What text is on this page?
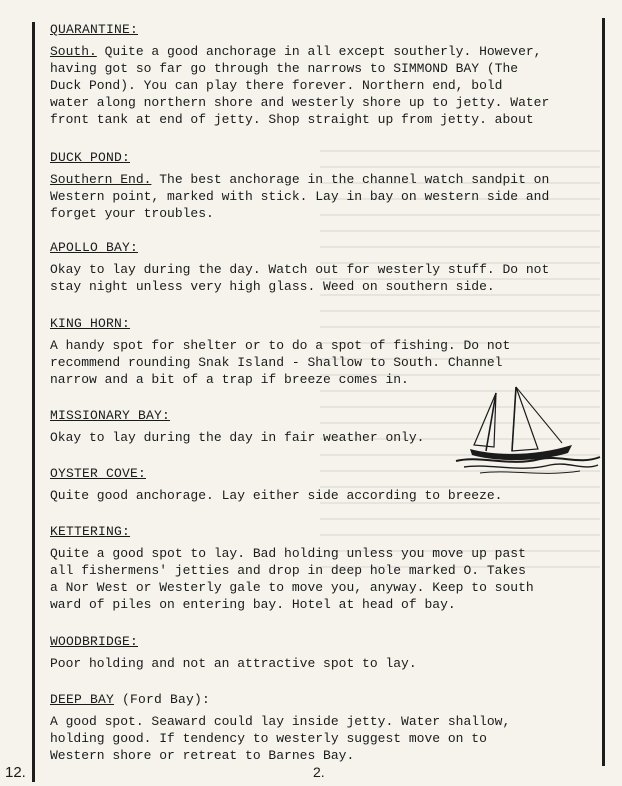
QUARANTINE:
South. Quite a good anchorage in all except southerly. However,
having got so far go through the narrows to SIMMOND BAY (The
Duck Pond). You can play there forever. Northern end, bold
water along northern shore and westerly shore up to jetty. Water
front tank at end of jetty. Shop straight up from jetty. about
DUCK POND:
Southern End. The best anchorage in the channel watch sandpit on
Western point, marked with stick. Lay in bay on western side and
forget your troubles.
APOLLO BAY:
Okay to lay during the day. Watch out for westerly stuff. Do not
stay night unless very high glass. Weed on southern side.
KING HORN:
A handy spot for shelter or to do a spot of fishing. Do not
recommend rounding Snak Island - Shallow to South. Channel
narrow and a bit of a trap if breeze comes in.
MISSIONARY BAY:
Okay to lay during the day in fair weather only.
OYSTER COVE:
Quite good anchorage. Lay either side according to breeze.
KETTERING:
Quite a good spot to lay. Bad holding unless you move up past
all fishermens' jetties and drop in deep hole marked O. Takes
a Nor West or Westerly gale to move you, anyway. Keep to south
ward of piles on entering bay. Hotel at head of bay.
WOODBRIDGE:
Poor holding and not an attractive spot to lay.
DEEP BAY (Ford Bay):
A good spot. Seaward could lay inside jetty. Water shallow,
holding good. If tendency to westerly suggest move on to
Western shore or retreat to Barnes Bay.
12.	2.
